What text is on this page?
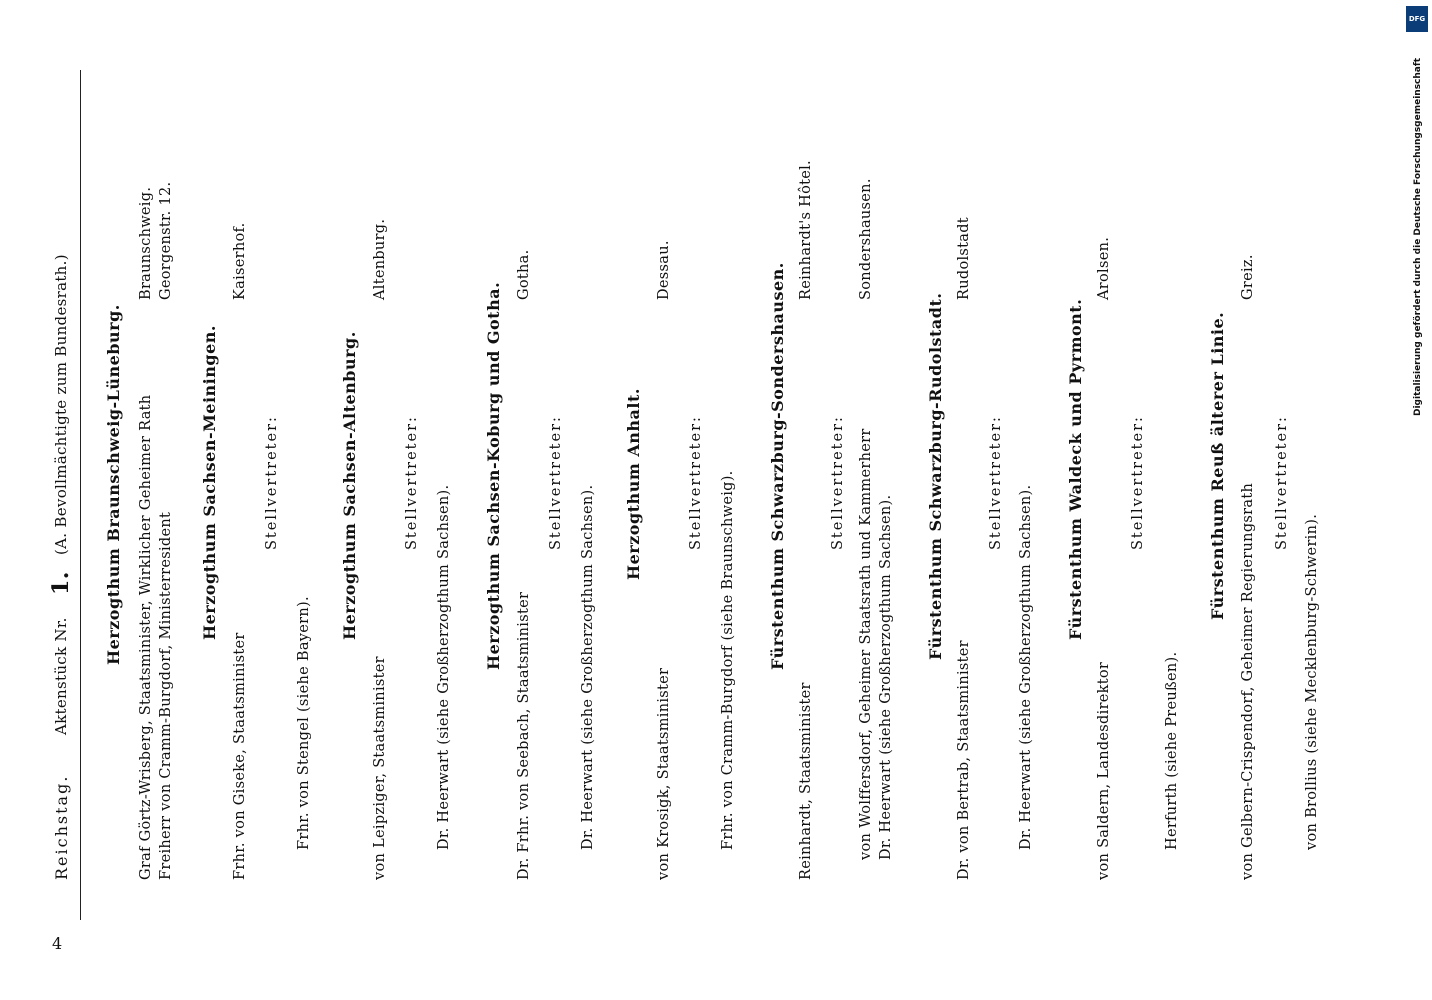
Reichstag.
Aktenstück Nr.
1.
(A. Bevollmächtigte zum Bundesrath.) Herzogthum Braunschweig-Lüneburg. Graf Görtz-Wrisberg, Staatsminister, Wirklicher Geheimer Rath
Braunschweig.
Freiherr von Cramm-Burgdorf, Ministerresident
Georgenstr. 12.
Herzogthum Sachsen-Meiningen.
Frhr. von Giseke, Staatsminister
Kaiserhof.
Stellvertreter:
Frhr. von Stengel (siehe Bayern).
Herzogthum Sachsen-Altenburg.
von Leipziger, Staatsminister
Altenburg.
Stellvertreter:
Dr. Heerwart (siehe Großherzogthum Sachsen). Herzogthum Sachsen-Koburg und Gotha.
Dr. Frhr. von Seebach, Staatsminister
Gotha.
Stellvertreter:
Dr. Heerwart (siehe Großherzogthum Sachsen).
Herzogthum Anhalt.
von Krosigk, Staatsminister
Dessau.
Stellvertreter: Frhr. von Cramm-Burgdorf (siehe Braunschweig). Fürstenthum Schwarzburg-Sondershausen.
Reinhardt, Staatsminister
Reinhardt's Hôtel.
Stellvertreter: von Wolffersdorf, Geheimer Staatsrath und Kammerherr
Sondershausen.
Dr. Heerwart (siehe Großherzogthum Sachsen).
Fürstenthum Schwarzburg-Rudolstadt.
Dr. von Bertrab, Staatsminister
Rudolstadt
Stellvertreter:
Dr. Heerwart (siehe Großherzogthum Sachsen).
Fürstenthum Waldeck und Pyrmont.
von Saldern, Landesdirektor
Arolsen.
Stellvertreter:
Herfurth (siehe Preußen).
Fürstenthum Reuß älterer Linie.
von Gelbern-Crispendorf, Geheimer Regierungsrath
Greiz.
Stellvertreter:
von Brollius (siehe Mecklenburg-Schwerin).
4
DFG
Digitalisierung gefördert durch die Deutsche Forschungsgemeinschaft
